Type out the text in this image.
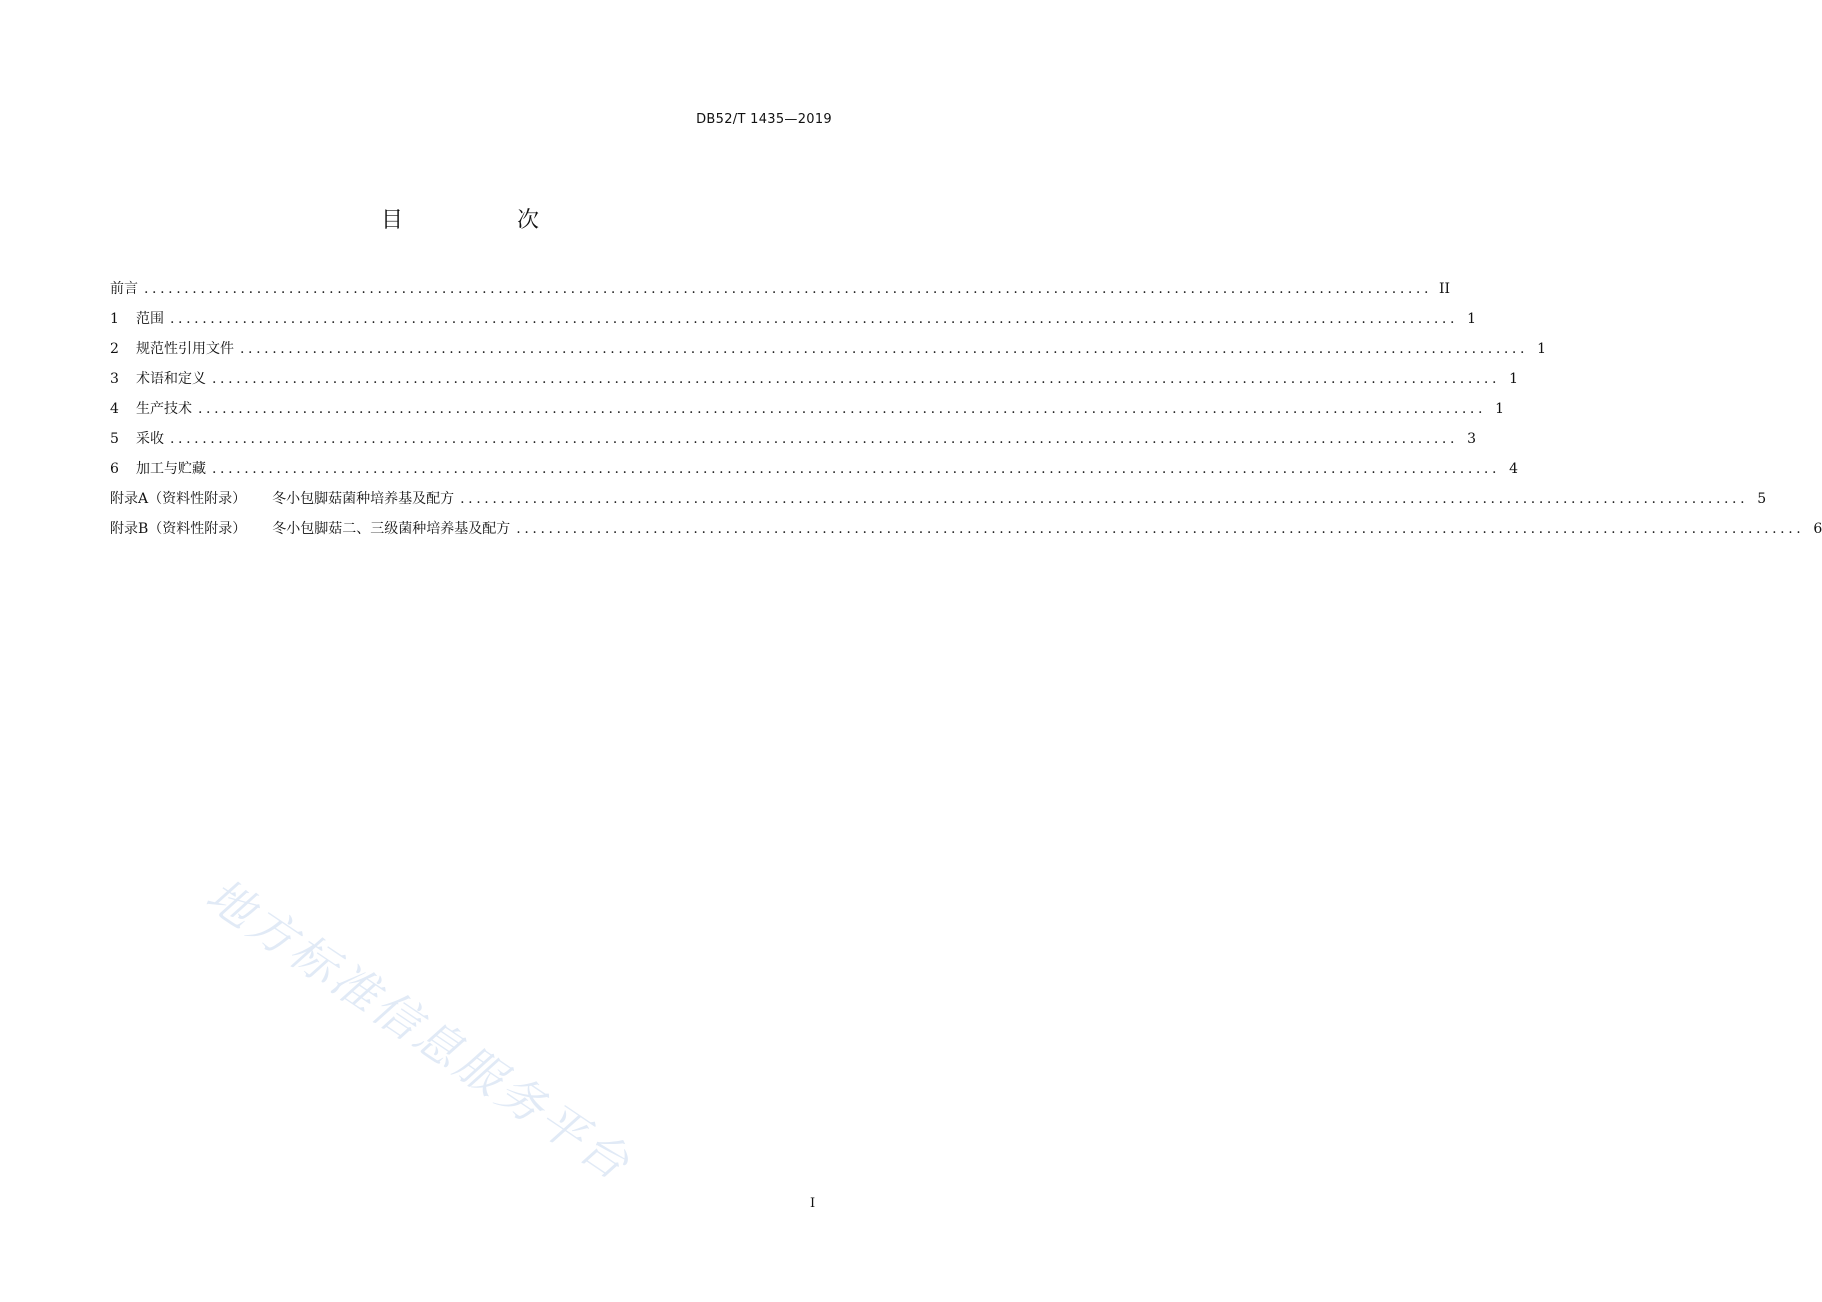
DB52/T 1435—2019
目　次
前言 ................................................................................................................................................................ II
1	范围 ................................................................................................................................................................ 1
2	规范性引用文件 ................................................................................................................................................................ 1
3	术语和定义 ................................................................................................................................................................ 1
4	生产技术 ................................................................................................................................................................ 1
5	采收 ................................................................................................................................................................ 3
6	加工与贮藏 ................................................................................................................................................................ 4
附录A（资料性附录） 冬小包脚菇菌种培养基及配方 ................................................................................................................................................................ 5
附录B（资料性附录） 冬小包脚菇二、三级菌种培养基及配方 ................................................................................................................................................................ 6
地方标准信息服务平台
I
